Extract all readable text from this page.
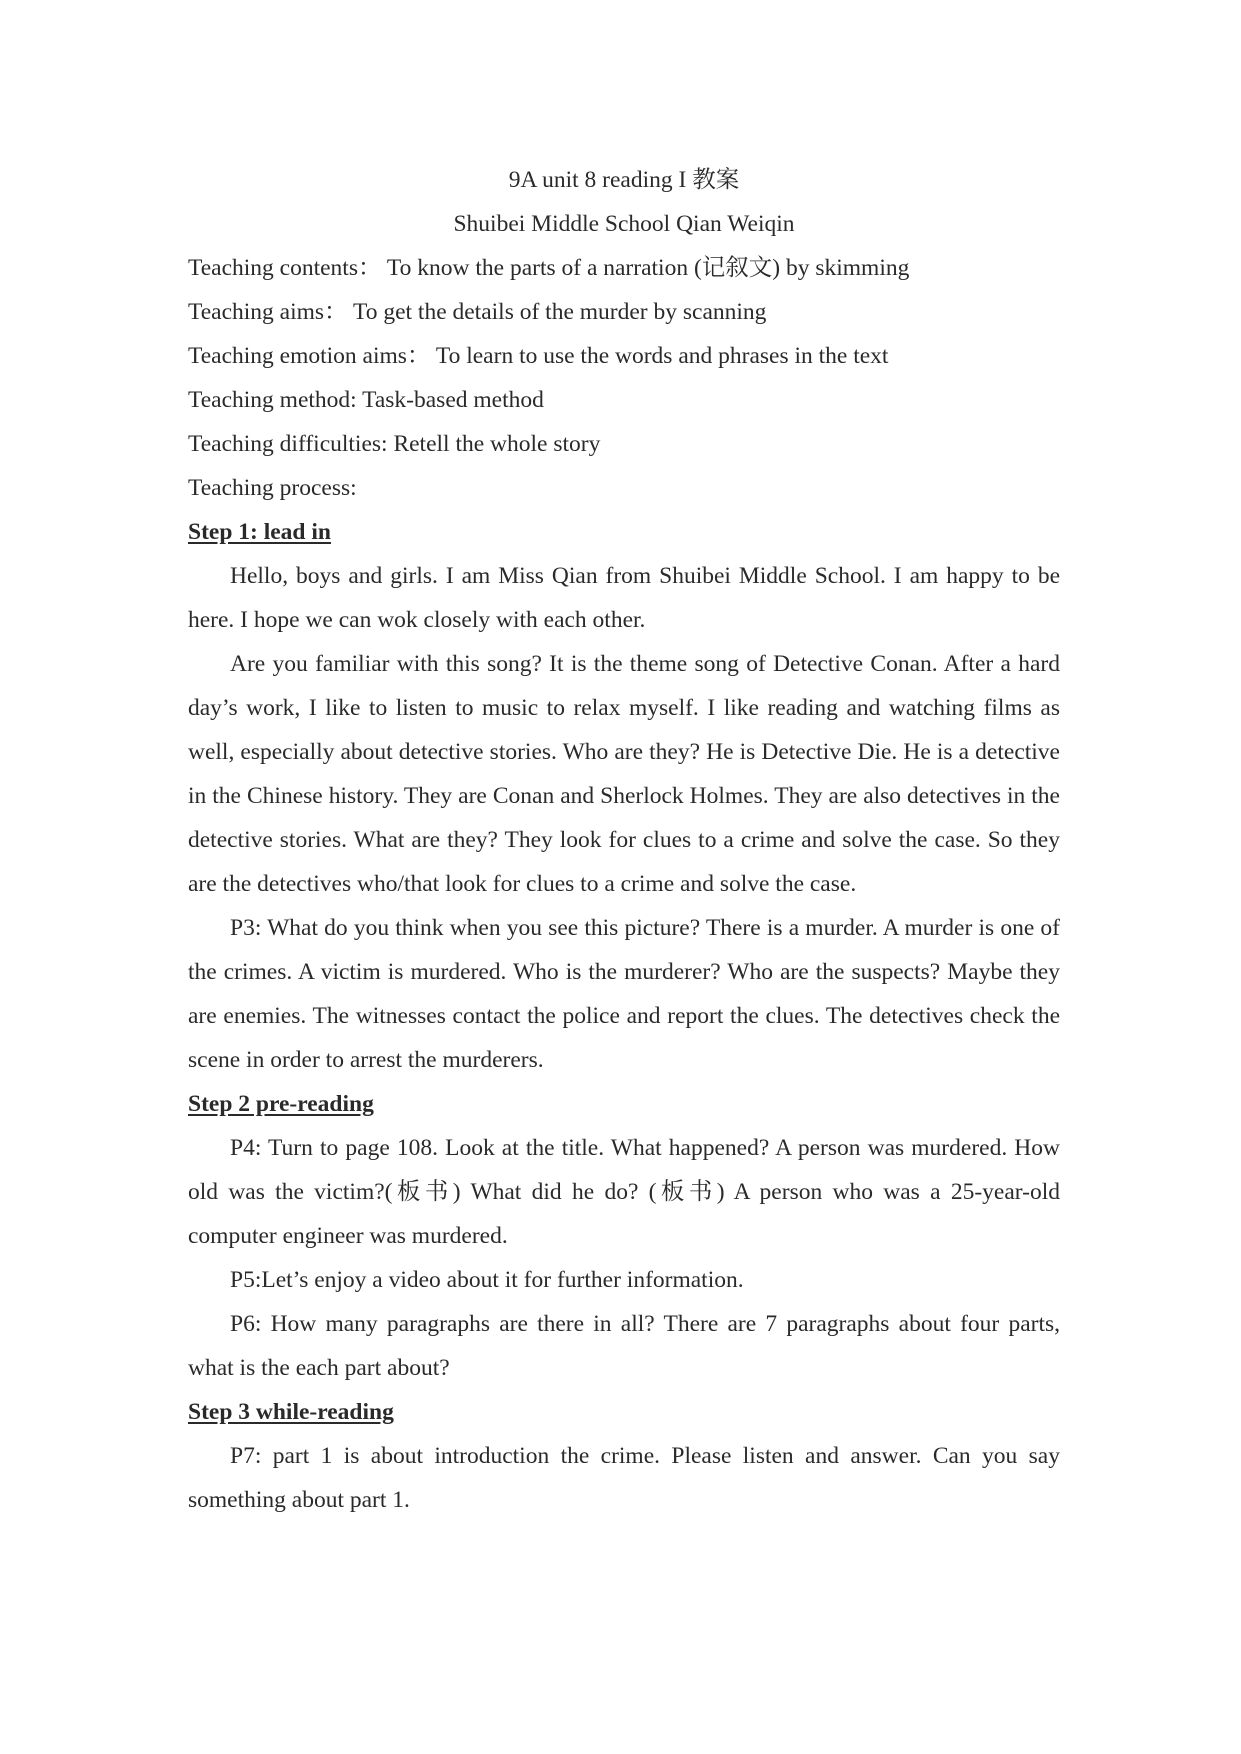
9A unit 8 reading I 教案

Shuibei Middle School Qian Weiqin

Teaching contents： To know the parts of a narration (记叙文) by skimming

Teaching aims： To get the details of the murder by scanning

Teaching emotion aims： To learn to use the words and phrases in the text

Teaching method: Task-based method

Teaching difficulties: Retell the whole story

Teaching process:

Step 1: lead in

Hello, boys and girls. I am Miss Qian from Shuibei Middle School. I am happy to be here. I hope we can wok closely with each other.

Are you familiar with this song? It is the theme song of Detective Conan. After a hard day’s work, I like to listen to music to relax myself. I like reading and watching films as well, especially about detective stories. Who are they? He is Detective Die. He is a detective in the Chinese history. They are Conan and Sherlock Holmes. They are also detectives in the detective stories. What are they? They look for clues to a crime and solve the case. So they are the detectives who/that look for clues to a crime and solve the case.

P3: What do you think when you see this picture? There is a murder. A murder is one of the crimes. A victim is murdered. Who is the murderer? Who are the suspects? Maybe they are enemies. The witnesses contact the police and report the clues. The detectives check the scene in order to arrest the murderers.

Step 2 pre-reading

P4: Turn to page 108. Look at the title. What happened? A person was murdered. How old was the victim?(板书) What did he do? (板书) A person who was a 25-year-old computer engineer was murdered.

P5:Let’s enjoy a video about it for further information.

P6: How many paragraphs are there in all? There are 7 paragraphs about four parts, what is the each part about?

Step 3 while-reading

P7: part 1 is about introduction the crime. Please listen and answer. Can you say something about part 1.
